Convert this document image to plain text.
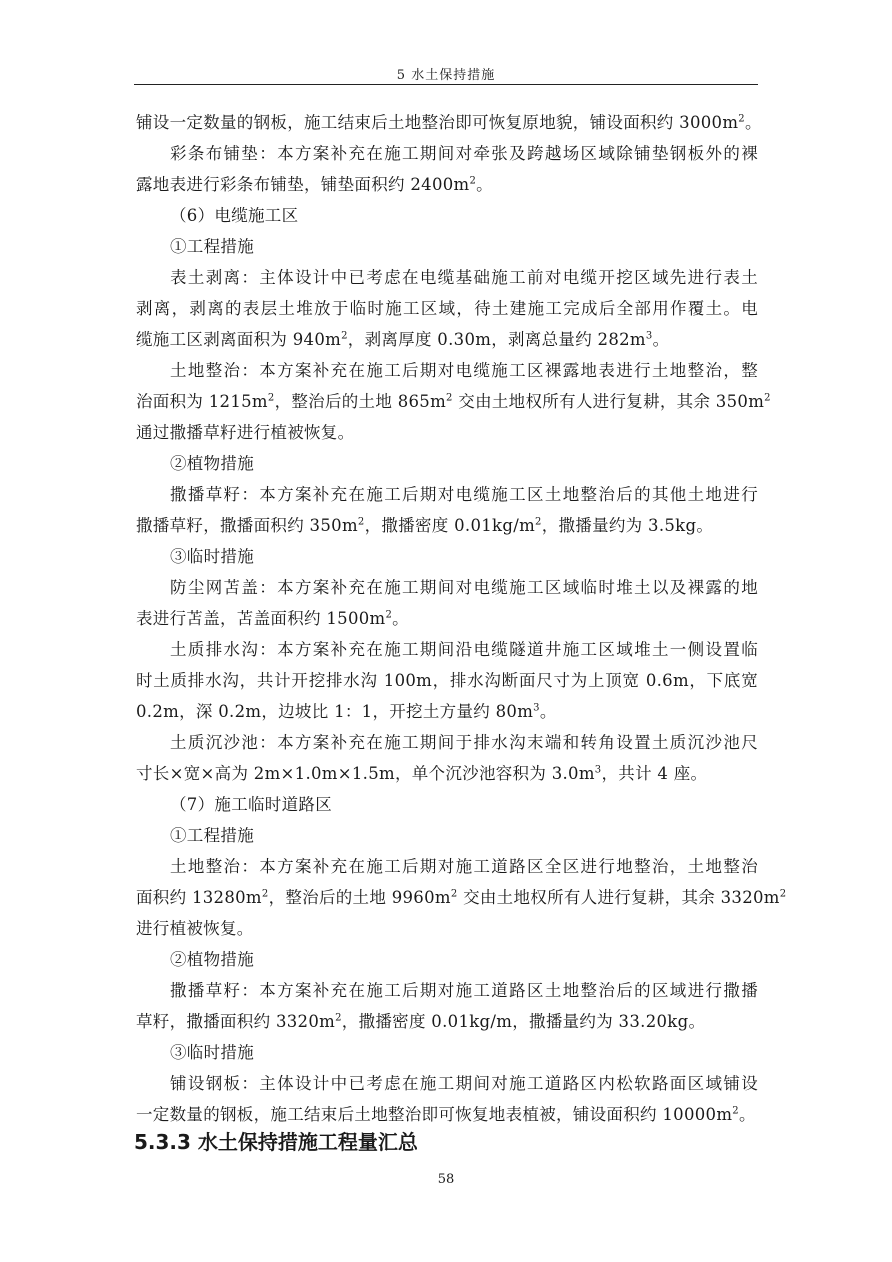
5 水土保持措施
铺设一定数量的钢板，施工结束后土地整治即可恢复原地貌，铺设面积约 $3000m^2$。
彩条布铺垫：本方案补充在施工期间对牵张及跨越场区域除铺垫钢板外的裸
露地表进行彩条布铺垫，铺垫面积约 $2400m^2$。
（6）电缆施工区
①工程措施
表土剥离：主体设计中已考虑在电缆基础施工前对电缆开挖区域先进行表土
剥离，剥离的表层土堆放于临时施工区域，待土建施工完成后全部用作覆土。电
缆施工区剥离面积为 $940m^2$，剥离厚度 0.30m，剥离总量约 $282m^3$。
土地整治：本方案补充在施工后期对电缆施工区裸露地表进行土地整治，整
治面积为 $1215m^2$，整治后的土地 $865m^2$ 交由土地权所有人进行复耕，其余 $350m^2$
通过撒播草籽进行植被恢复。
②植物措施
撒播草籽：本方案补充在施工后期对电缆施工区土地整治后的其他土地进行
撒播草籽，撒播面积约 $350m^2$，撒播密度 $0.01kg/m^2$，撒播量约为 3.5kg。
③临时措施
防尘网苫盖：本方案补充在施工期间对电缆施工区域临时堆土以及裸露的地
表进行苫盖，苫盖面积约 $1500m^2$。
土质排水沟：本方案补充在施工期间沿电缆隧道井施工区域堆土一侧设置临
时土质排水沟，共计开挖排水沟 100m，排水沟断面尺寸为上顶宽 0.6m，下底宽
0.2m，深 0.2m，边坡比 1：1，开挖土方量约 $80m^3$。
土质沉沙池：本方案补充在施工期间于排水沟末端和转角设置土质沉沙池尺
寸长×宽×高为 2m×1.0m×1.5m，单个沉沙池容积为 $3.0m^3$，共计 4 座。
（7）施工临时道路区
①工程措施
土地整治：本方案补充在施工后期对施工道路区全区进行地整治，土地整治
面积约 $13280m^2$，整治后的土地 $9960m^2$ 交由土地权所有人进行复耕，其余 $3320m^2$
进行植被恢复。
②植物措施
撒播草籽：本方案补充在施工后期对施工道路区土地整治后的区域进行撒播
草籽，撒播面积约 $3320m^2$，撒播密度 0.01kg/m，撒播量约为 33.20kg。
③临时措施
铺设钢板：主体设计中已考虑在施工期间对施工道路区内松软路面区域铺设
一定数量的钢板，施工结束后土地整治即可恢复地表植被，铺设面积约 $10000m^2$。
5.3.3 水土保持措施工程量汇总
58
